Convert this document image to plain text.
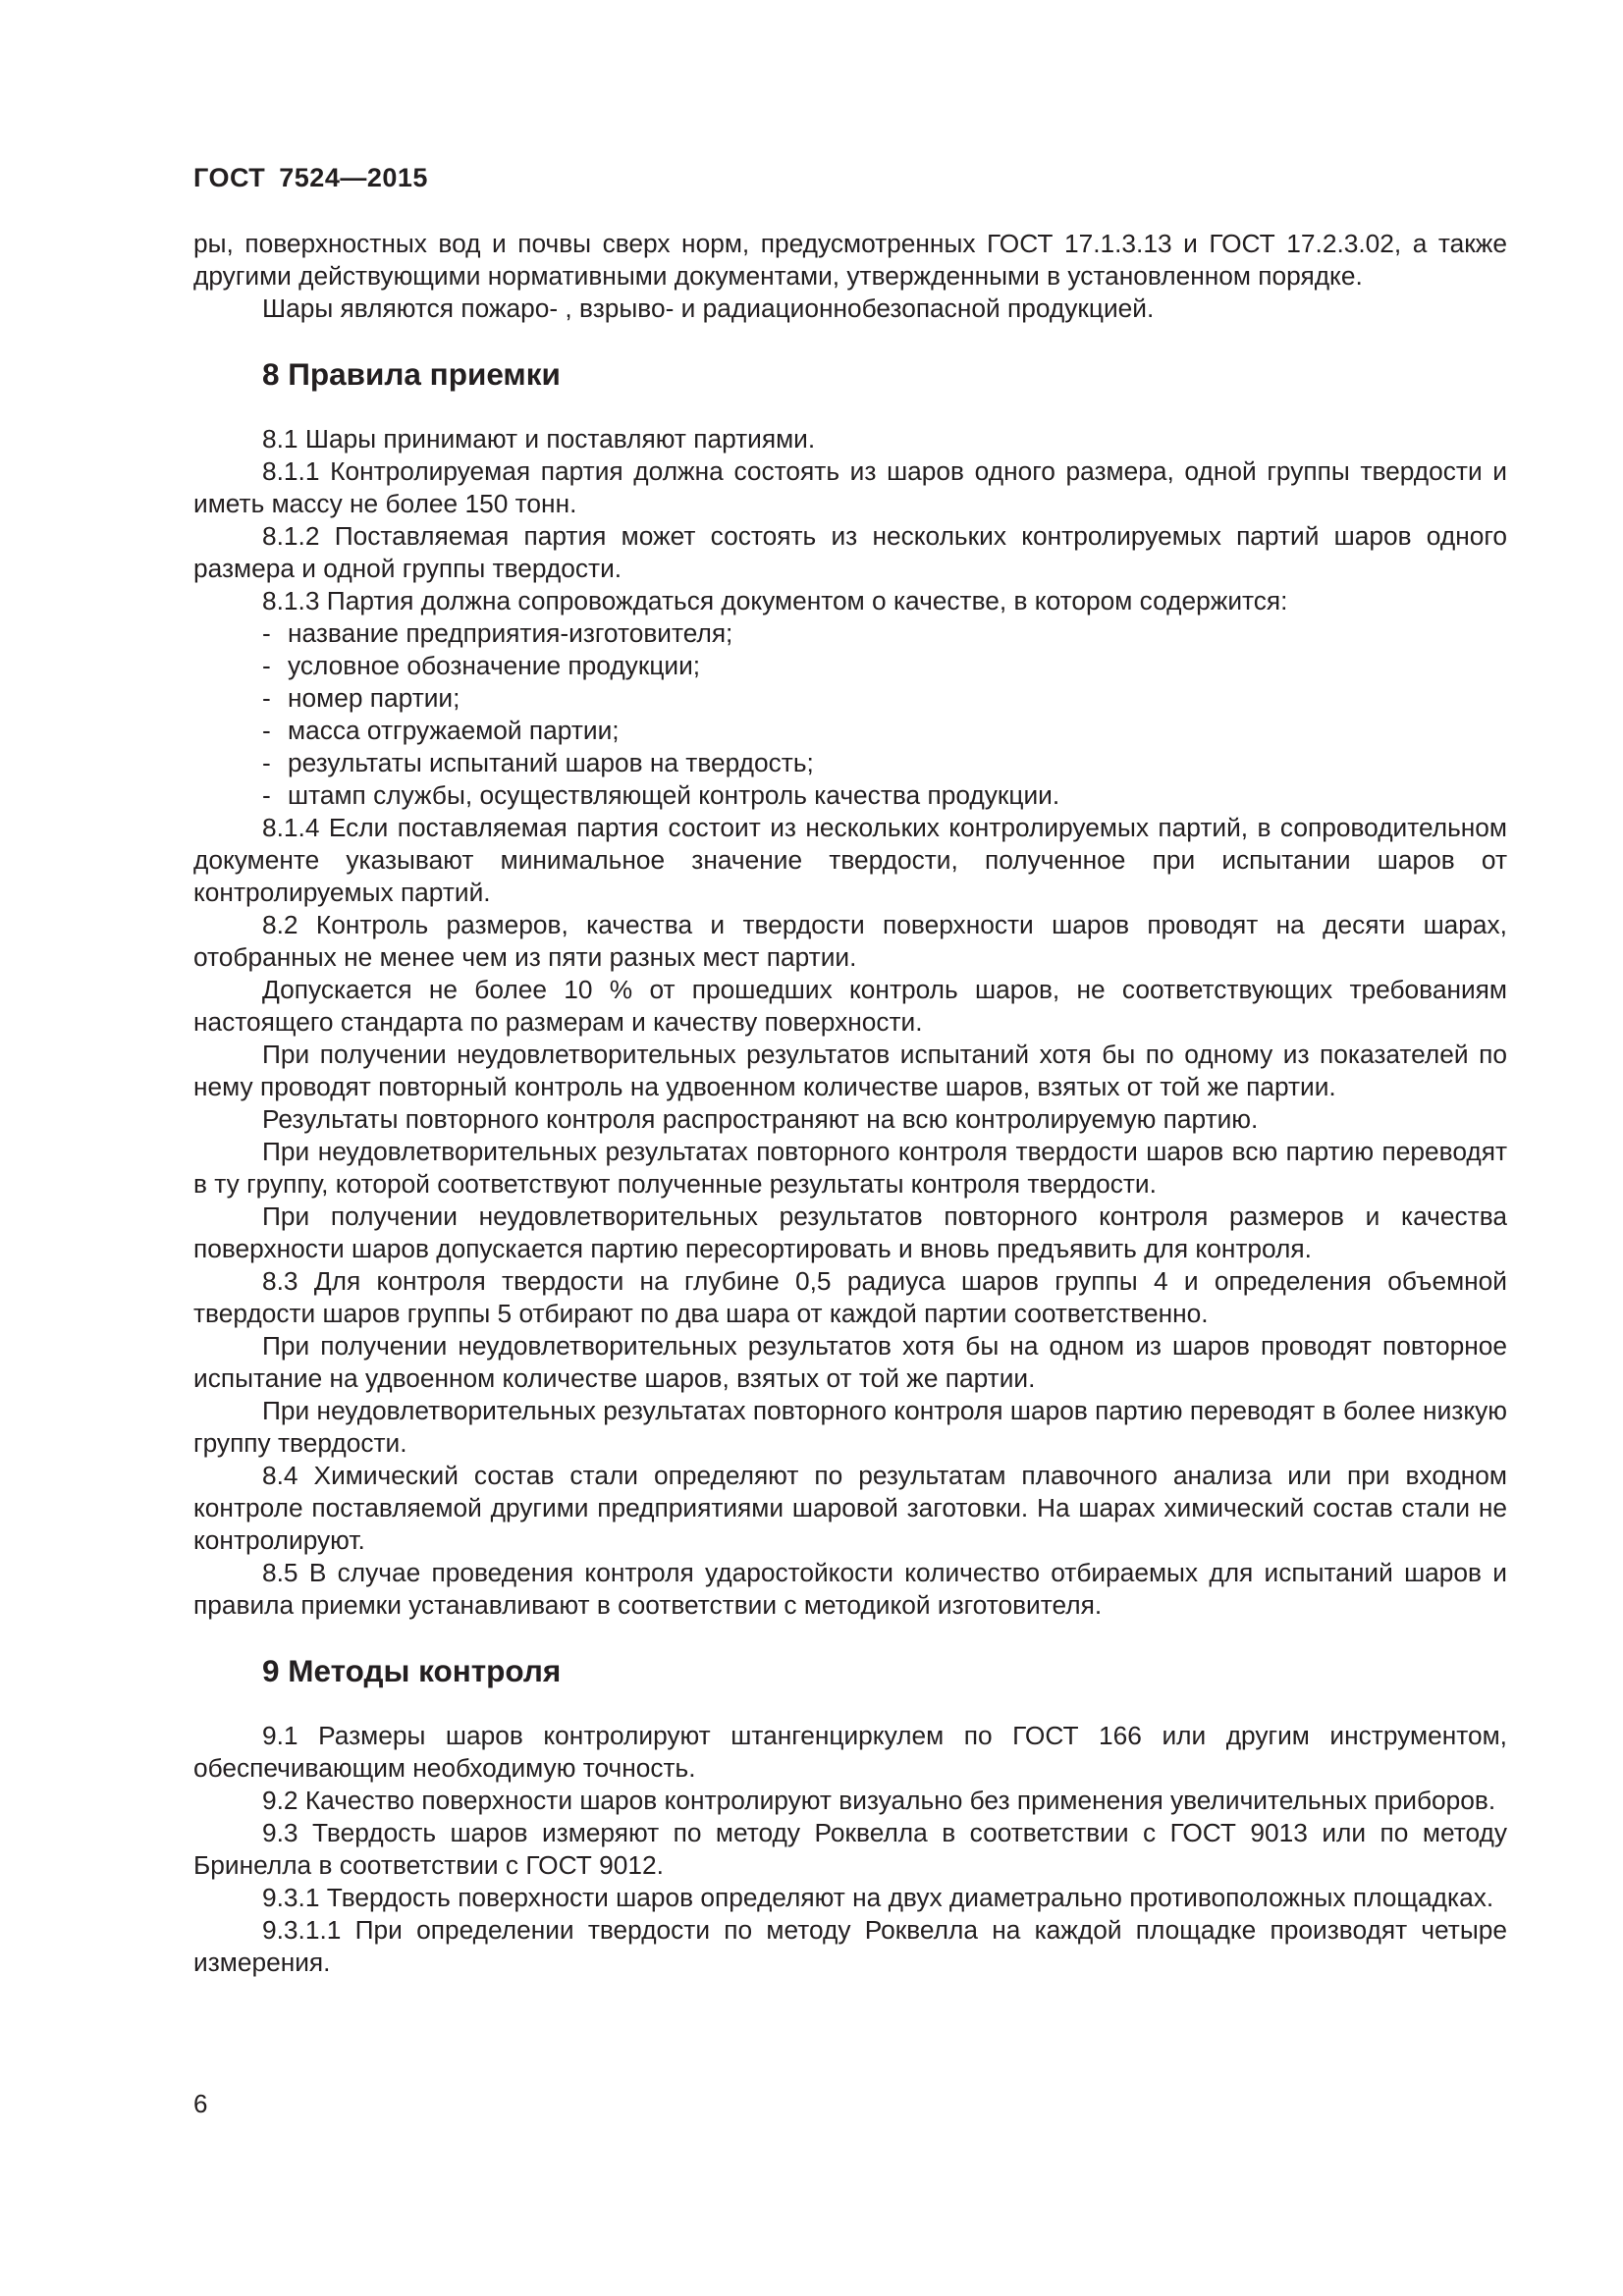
ГОСТ 7524—2015

ры, поверхностных вод и почвы сверх норм, предусмотренных ГОСТ 17.1.3.13 и ГОСТ 17.2.3.02, а также другими действующими нормативными документами, утвержденными в установленном порядке.

Шары являются пожаро- , взрыво- и радиационнобезопасной продукцией.

8 Правила приемки

8.1 Шары принимают и поставляют партиями.

8.1.1 Контролируемая партия должна состоять из шаров одного размера, одной группы твердости и иметь массу не более 150 тонн.

8.1.2 Поставляемая партия может состоять из нескольких контролируемых партий шаров одного размера и одной группы твердости.

8.1.3 Партия должна сопровождаться документом о качестве, в котором содержится:

- название предприятия-изготовителя;

- условное обозначение продукции;

- номер партии;

- масса отгружаемой партии;

- результаты испытаний шаров на твердость;

- штамп службы, осуществляющей контроль качества продукции.

8.1.4 Если поставляемая партия состоит из нескольких контролируемых партий, в сопроводительном документе указывают минимальное значение твердости, полученное при испытании шаров от контролируемых партий.

8.2 Контроль размеров, качества и твердости поверхности шаров проводят на десяти шарах, отобранных не менее чем из пяти разных мест партии.

Допускается не более 10 % от прошедших контроль шаров, не соответствующих требованиям настоящего стандарта по размерам и качеству поверхности.

При получении неудовлетворительных результатов испытаний хотя бы по одному из показателей по нему проводят повторный контроль на удвоенном количестве шаров, взятых от той же партии.

Результаты повторного контроля распространяют на всю контролируемую партию.

При неудовлетворительных результатах повторного контроля твердости шаров всю партию переводят в ту группу, которой соответствуют полученные результаты контроля твердости.

При получении неудовлетворительных результатов повторного контроля размеров и качества поверхности шаров допускается партию пересортировать и вновь предъявить для контроля.

8.3 Для контроля твердости на глубине 0,5 радиуса шаров группы 4 и определения объемной твердости шаров группы 5 отбирают по два шара от каждой партии соответственно.

При получении неудовлетворительных результатов хотя бы на одном из шаров проводят повторное испытание на удвоенном количестве шаров, взятых от той же партии.

При неудовлетворительных результатах повторного контроля шаров партию переводят в более низкую группу твердости.

8.4 Химический состав стали определяют по результатам плавочного анализа или при входном контроле поставляемой другими предприятиями шаровой заготовки. На шарах химический состав стали не контролируют.

8.5 В случае проведения контроля ударостойкости количество отбираемых для испытаний шаров и правила приемки устанавливают в соответствии с методикой изготовителя.

9 Методы контроля

9.1 Размеры шаров контролируют штангенциркулем по ГОСТ 166 или другим инструментом, обеспечивающим необходимую точность.

9.2 Качество поверхности шаров контролируют визуально без применения увеличительных приборов.

9.3 Твердость шаров измеряют по методу Роквелла в соответствии с ГОСТ 9013 или по методу Бринелла в соответствии с ГОСТ 9012.

9.3.1 Твердость поверхности шаров определяют на двух диаметрально противоположных площадках.

9.3.1.1 При определении твердости по методу Роквелла на каждой площадке производят четыре измерения.

6
